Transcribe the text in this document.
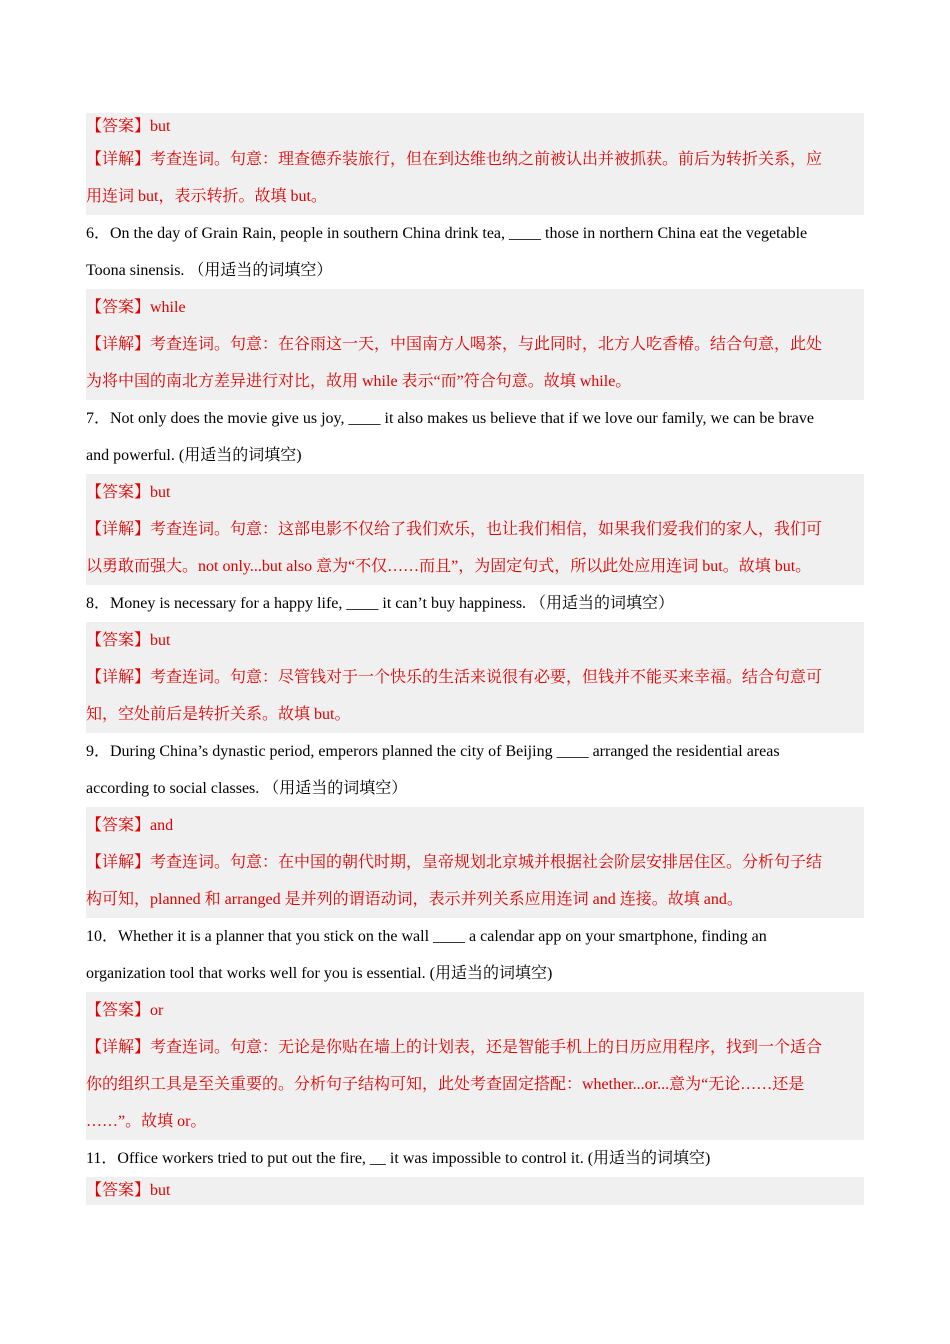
【答案】but
【详解】考查连词。句意：理查德乔装旅行，但在到达维也纳之前被认出并被抓获。前后为转折关系，应
用连词 but，表示转折。故填 but。
6．On the day of Grain Rain, people in southern China drink tea, ____ those in northern China eat the vegetable
Toona sinensis. （用适当的词填空）
【答案】while
【详解】考查连词。句意：在谷雨这一天，中国南方人喝茶，与此同时，北方人吃香椿。结合句意，此处
为将中国的南北方差异进行对比，故用 while 表示“而”符合句意。故填 while。
7．Not only does the movie give us joy, ____ it also makes us believe that if we love our family, we can be brave
and powerful. (用适当的词填空)
【答案】but
【详解】考查连词。句意：这部电影不仅给了我们欢乐，也让我们相信，如果我们爱我们的家人，我们可
以勇敢而强大。not only...but also 意为“不仅……而且”，为固定句式，所以此处应用连词 but。故填 but。
8．Money is necessary for a happy life, ____ it can’t buy happiness. （用适当的词填空）
【答案】but
【详解】考查连词。句意：尽管钱对于一个快乐的生活来说很有必要，但钱并不能买来幸福。结合句意可
知，空处前后是转折关系。故填 but。
9．During China’s dynastic period, emperors planned the city of Beijing ____ arranged the residential areas
according to social classes. （用适当的词填空）
【答案】and
【详解】考查连词。句意：在中国的朝代时期，皇帝规划北京城并根据社会阶层安排居住区。分析句子结
构可知，planned 和 arranged 是并列的谓语动词，表示并列关系应用连词 and 连接。故填 and。
10．Whether it is a planner that you stick on the wall ____ a calendar app on your smartphone, finding an
organization tool that works well for you is essential. (用适当的词填空)
【答案】or
【详解】考查连词。句意：无论是你贴在墙上的计划表，还是智能手机上的日历应用程序，找到一个适合
你的组织工具是至关重要的。分析句子结构可知，此处考查固定搭配：whether...or...意为“无论……还是
……”。故填 or。
11．Office workers tried to put out the fire, __ it was impossible to control it. (用适当的词填空)
【答案】but
